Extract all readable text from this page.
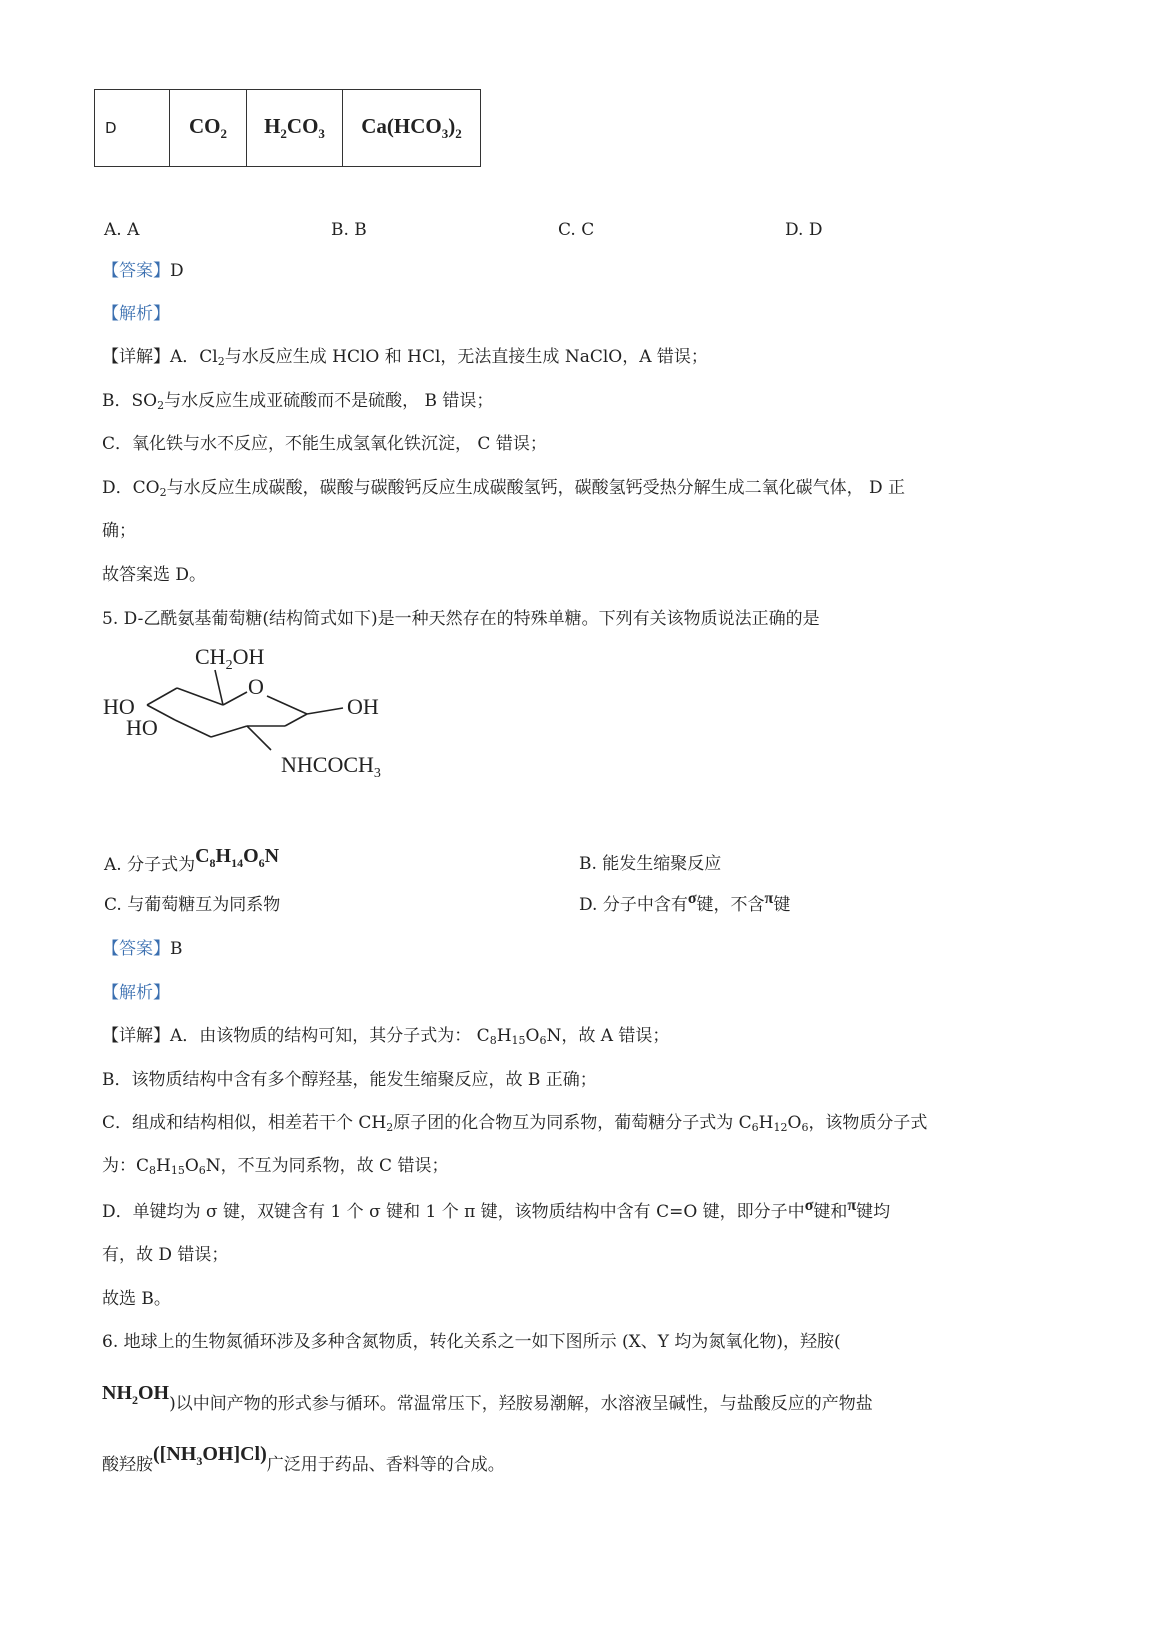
D	$CO_2$	$H_2CO_3$	$Ca(HCO_3)_2$
A. A	B. B	C. C	D. D
【答案】D
【解析】
【详解】A．$Cl_2$与水反应生成 HClO 和 HCl，无法直接生成 NaClO，A 错误；
B．$SO_2$与水反应生成亚硫酸而不是硫酸， B 错误；
C．氧化铁与水不反应，不能生成氢氧化铁沉淀， C 错误；
D．$CO_2$与水反应生成碳酸，碳酸与碳酸钙反应生成碳酸氢钙，碳酸氢钙受热分解生成二氧化碳气体， D 正
确；
故答案选 D。
5. D-乙酰氨基葡萄糖(结构简式如下)是一种天然存在的特殊单糖。下列有关该物质说法正确的是
$CH_2OH$
O
OH
HO
HO
$NHCOCH_3$
A. 分子式为$C_8H_{14}O_6N$	B. 能发生缩聚反应
C. 与葡萄糖互为同系物	D. 分子中含有σ键，不含π键
【答案】B
【解析】
【详解】A．由该物质的结构可知，其分子式为： $C_8H_{15}O_6N$，故 A 错误；
B．该物质结构中含有多个醇羟基，能发生缩聚反应，故 B 正确；
C．组成和结构相似，相差若干个 $CH_2$原子团的化合物互为同系物，葡萄糖分子式为 $C_6H_{12}O_6$，该物质分子式
为：$C_8H_{15}O_6N$，不互为同系物，故 C 错误；
D．单键均为 σ 键，双键含有 1 个 σ 键和 1 个 π 键，该物质结构中含有 C=O 键，即分子中σ键和π键均
有，故 D 错误；
故选 B。
6. 地球上的生物氮循环涉及多种含氮物质，转化关系之一如下图所示 (X、Y 均为氮氧化物)，羟胺(
$NH_2OH$)以中间产物的形式参与循环。常温常压下，羟胺易潮解，水溶液呈碱性，与盐酸反应的产物盐
酸羟胺$([NH_3OH]Cl)$广泛用于药品、香料等的合成。
